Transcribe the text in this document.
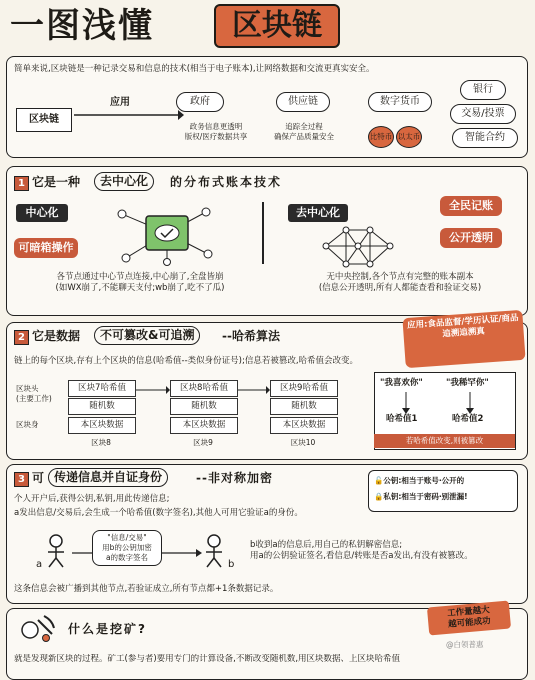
一图浅懂	区块链
简单来说,区块链是一种记录交易和信息的技术(相当于电子账本),让网络数据和交流更真实安全。
区块链
应用	政府
政务信息更透明
版权/医疗数据共享
供应链
追踪全过程
确保产品质量安全
数字货币
比特币 以太币
银行
交易/投票
智能合约
1 它是一种	去中心化	的分布式账本技术
中心化
可暗箱操作
各节点通过中心节点连接,中心崩了,全盘皆崩
(如WX崩了,不能聊天支付;wb崩了,吃不了瓜)
去中心化
全民记账
公开透明
无中央控制,各个节点有完整的账本副本
(信息公开透明,所有人都能查看和验证交易)
2 它是数据	不可篡改&可追溯	--哈希算法
应用:食品监督/学历认证/商品追溯追溯真
链上的每个区块,存有上个区块的信息(哈希值--类似身份证号);信息若被篡改,哈希值会改变。
区块头
(主要工作)
区块身
区块7哈希值
随机数
本区块数据
区块8
区块8哈希值
随机数
本区块数据
区块9
区块9哈希值
随机数
本区块数据
区块10
"我喜欢你"	"我稀罕你"
哈希值1	哈希值2
若哈希值改变,则被篡改
3 可 传递信息并自证身份	--非对称加密	🔓公钥:相当于账号·公开的
🔒私钥:相当于密码·别泄漏!
个人开户后,获得公钥,私钥,用此传递信息;
a发出信息/交易后,会生成一个哈希值(数字签名),其他人可用它验证a的身份。
a
"信息/交易"
用b的公钥加密
a的数字签名
b
b收到a的信息后,用自己的私钥解密信息;
用a的公钥验证签名,看信息/转账是否a发出,有没有被篡改。
这条信息会被广播到其他节点,若验证成立,所有节点都+1条数据记录。
什么是挖矿?
工作量越大
越可能成功
就是发现新区块的过程。矿工(参与者)要用专门的计算设备,不断改变随机数,用区块数据、上区块哈希值
@白领普惠
